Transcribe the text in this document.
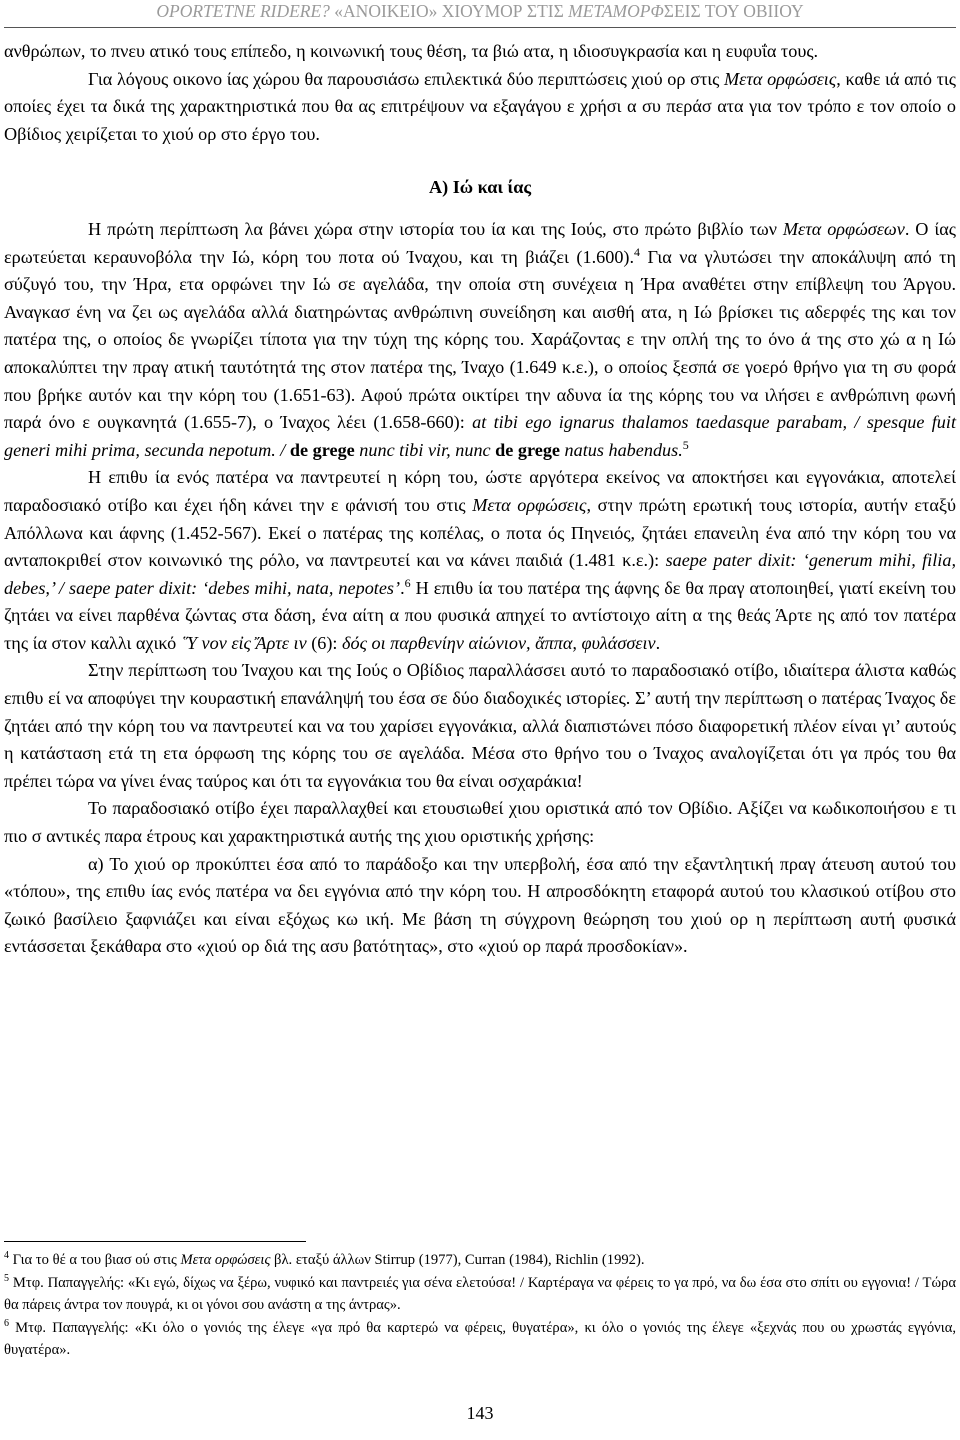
OPORTETNE RIDERE? «ΑΝΟΙΚΕΙΟ» ΧΙΟΥΜΟΡ ΣΤΙΣ ΜΕΤΑΜΟΡΦΣΕΙΣ ΤΟΥ ΟΒΙΙΟΥ

ανθρώπων, το πνευ ατικό τους επίπεδο, η κοινωνική τους θέση, τα βιώ ατα, η ιδιοσυγκρασία και η ευφυΐα τους.

Για λόγους οικονο ίας χώρου θα παρουσιάσω επιλεκτικά δύο περιπτώσεις χιού ορ στις Μετα ορφώσεις, καθε ιά από τις οποίες έχει τα δικά της χαρακτηριστικά που θα ας επιτρέψουν να εξαγάγου ε χρήσι α συ περάσ ατα για τον τρόπο ε τον οποίο ο Οβίδιος χειρίζεται το χιού ορ στο έργο του.

Α) Ιώ και ίας

Η πρώτη περίπτωση λα βάνει χώρα στην ιστορία του ία και της Ιούς, στο πρώτο βιβλίο των Μετα ορφώσεων. Ο ίας ερωτεύεται κεραυνοβόλα την Ιώ, κόρη του ποτα ού Ίναχου, και τη βιάζει (1.600).$^4$ Για να γλυτώσει την αποκάλυψη από τη σύζυγό του, την Ήρα, ετα ορφώνει την Ιώ σε αγελάδα, την οποία στη συνέχεια η Ήρα αναθέτει στην επίβλεψη του Άργου. Αναγκασ ένη να ζει ως αγελάδα αλλά διατηρώντας ανθρώπινη συνείδηση και αισθή ατα, η Ιώ βρίσκει τις αδερφές της και τον πατέρα της, ο οποίος δε γνωρίζει τίποτα για την τύχη της κόρης του. Χαράζοντας ε την οπλή της το όνο ά της στο χώ α η Ιώ αποκαλύπτει την πραγ ατική ταυτότητά της στον πατέρα της, Ίναχο (1.649 κ.ε.), ο οποίος ξεσπά σε γοερό θρήνο για τη συ φορά που βρήκε αυτόν και την κόρη του (1.651-63). Αφού πρώτα οικτίρει την αδυνα ία της κόρης του να ιλήσει ε ανθρώπινη φωνή παρά όνο ε ουγκανητά (1.655-7), ο Ίναχος λέει (1.658-660): at tibi ego ignarus thalamos taedasque parabam, / spesque fuit generi mihi prima, secunda nepotum. / de grege nunc tibi vir, nunc de grege natus habendus.$^5$

Η επιθυ ία ενός πατέρα να παντρευτεί η κόρη του, ώστε αργότερα εκείνος να αποκτήσει και εγγονάκια, αποτελεί παραδοσιακό οτίβο και έχει ήδη κάνει την ε φάνισή του στις Μετα ορφώσεις, στην πρώτη ερωτική τους ιστορία, αυτήν εταξύ Απόλλωνα και άφνης (1.452-567). Εκεί ο πατέρας της κοπέλας, ο ποτα ός Πηνειός, ζητάει επανειλη ένα από την κόρη του να ανταποκριθεί στον κοινωνικό της ρόλο, να παντρευτεί και να κάνει παιδιά (1.481 κ.ε.): saepe pater dixit: ‘generum mihi, filia, debes,’ / saepe pater dixit: ‘debes mihi, nata, nepotes’.$^6$ Η επιθυ ία του πατέρα της άφνης δε θα πραγ ατοποιηθεί, γιατί εκείνη του ζητάει να είνει παρθένα ζώντας στα δάση, ένα αίτη α που φυσικά απηχεί το αντίστοιχο αίτη α της θεάς Άρτε ης από τον πατέρα της ία στον καλλι αχικό ῞Υ νον εἰς Ἄρτε ιν (6): δός οι παρθενίην αἰώνιον, ἄππα, φυλάσσειν.

Στην περίπτωση του Ίναχου και της Ιούς ο Οβίδιος παραλλάσσει αυτό το παραδοσιακό οτίβο, ιδιαίτερα άλιστα καθώς επιθυ εί να αποφύγει την κουραστική επανάληψή του έσα σε δύο διαδοχικές ιστορίες. Σ’ αυτή την περίπτωση ο πατέρας Ίναχος δε ζητάει από την κόρη του να παντρευτεί και να του χαρίσει εγγονάκια, αλλά διαπιστώνει πόσο διαφορετική πλέον είναι γι’ αυτούς η κατάσταση ετά τη ετα όρφωση της κόρης του σε αγελάδα. Μέσα στο θρήνο του ο Ίναχος αναλογίζεται ότι γα πρός του θα πρέπει τώρα να γίνει ένας ταύρος και ότι τα εγγονάκια του θα είναι οσχαράκια!

Το παραδοσιακό οτίβο έχει παραλλαχθεί και ετουσιωθεί χιου οριστικά από τον Οβίδιο. Αξίζει να κωδικοποιήσου ε τι πιο σ αντικές παρα έτρους και χαρακτηριστικά αυτής της χιου οριστικής χρήσης:

α) Το χιού ορ προκύπτει έσα από το παράδοξο και την υπερβολή, έσα από την εξαντλητική πραγ άτευση αυτού του «τόπου», της επιθυ ίας ενός πατέρα να δει εγγόνια από την κόρη του. Η απροσδόκητη εταφορά αυτού του κλασικού οτίβου στο ζωικό βασίλειο ξαφνιάζει και είναι εξόχως κω ική. Με βάση τη σύγχρονη θεώρηση του χιού ορ η περίπτωση αυτή φυσικά εντάσσεται ξεκάθαρα στο «χιού ορ διά της ασυ βατότητας», στο «χιού ορ παρά προσδοκίαν».

$^4$ Για το θέ α του βιασ ού στις Μετα ορφώσεις βλ. εταξύ άλλων Stirrup (1977), Curran (1984), Richlin (1992).

$^5$ Μτφ. Παπαγγελής: «Κι εγώ, δίχως να ξέρω, νυφικό και παντρειές για σένα ελετούσα! / Καρτέραγα να φέρεις το γα πρό, να δω έσα στο σπίτι ου εγγονια! / Τώρα θα πάρεις άντρα τον πουγρά, κι οι γόνοι σου ανάστη α της άντρας».

$^6$ Μτφ. Παπαγγελής: «Κι όλο ο γονιός της έλεγε «γα πρό θα καρτερώ να φέρεις, θυγατέρα», κι όλο ο γονιός της έλεγε «ξεχνάς που ου χρωστάς εγγόνια, θυγατέρα».

143
